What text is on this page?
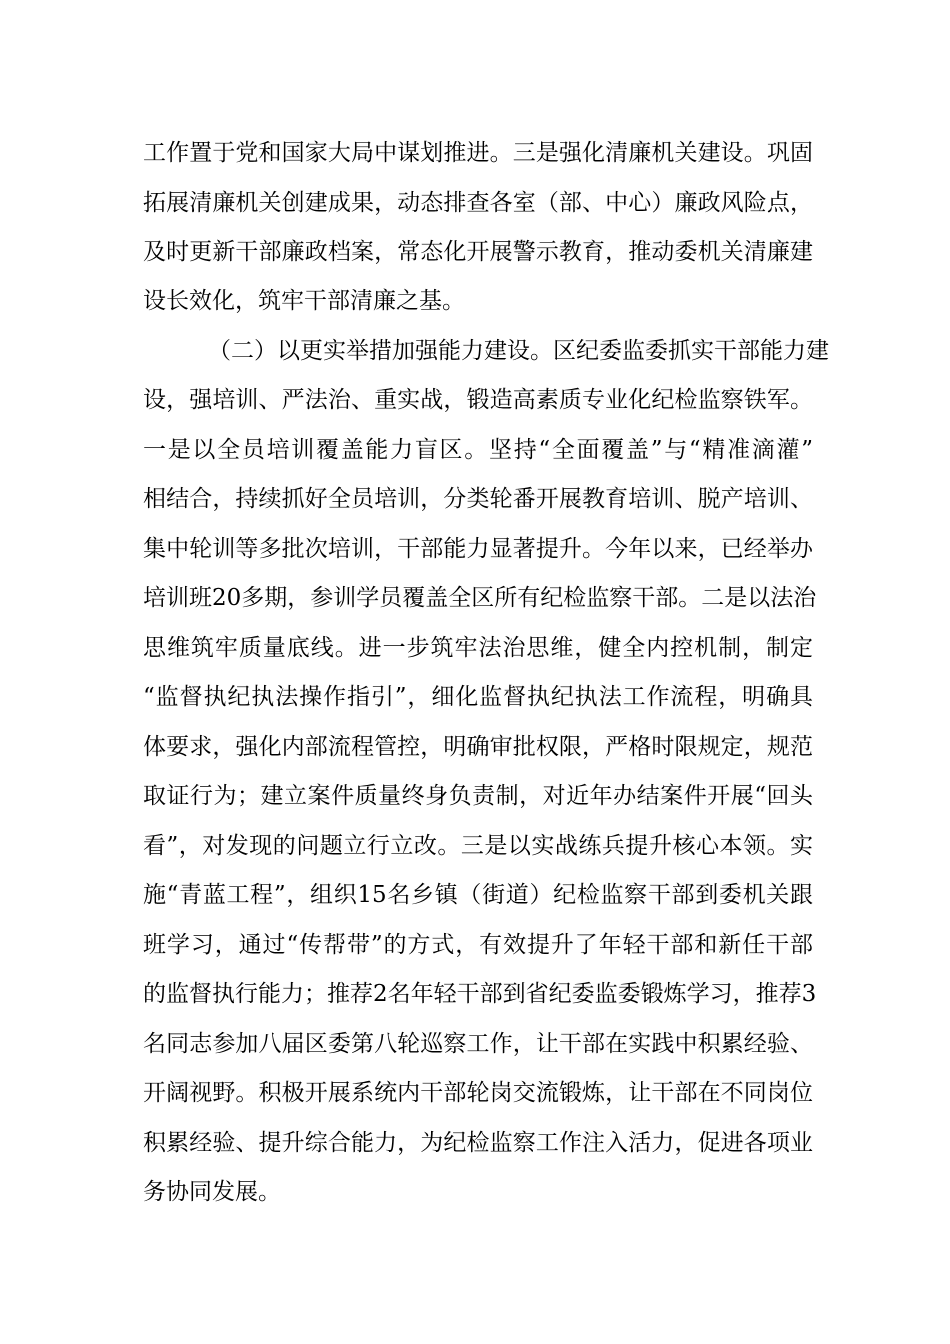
工作置于党和国家大局中谋划推进。三是强化清廉机关建设。巩固
拓展清廉机关创建成果，动态排查各室（部、中心）廉政风险点，
及时更新干部廉政档案，常态化开展警示教育，推动委机关清廉建
设长效化，筑牢干部清廉之基。
（二）以更实举措加强能力建设。区纪委监委抓实干部能力建
设，强培训、严法治、重实战，锻造高素质专业化纪检监察铁军。
一是以全员培训覆盖能力盲区。坚持“全面覆盖”与“精准滴灌”
相结合，持续抓好全员培训，分类轮番开展教育培训、脱产培训、
集中轮训等多批次培训，干部能力显著提升。今年以来，已经举办
培训班20多期，参训学员覆盖全区所有纪检监察干部。二是以法治
思维筑牢质量底线。进一步筑牢法治思维，健全内控机制，制定
“监督执纪执法操作指引”，细化监督执纪执法工作流程，明确具
体要求，强化内部流程管控，明确审批权限，严格时限规定，规范
取证行为；建立案件质量终身负责制，对近年办结案件开展“回头
看”，对发现的问题立行立改。三是以实战练兵提升核心本领。实
施“青蓝工程”，组织15名乡镇（街道）纪检监察干部到委机关跟
班学习，通过“传帮带”的方式，有效提升了年轻干部和新任干部
的监督执行能力；推荐2名年轻干部到省纪委监委锻炼学习，推荐3
名同志参加八届区委第八轮巡察工作，让干部在实践中积累经验、
开阔视野。积极开展系统内干部轮岗交流锻炼，让干部在不同岗位
积累经验、提升综合能力，为纪检监察工作注入活力，促进各项业
务协同发展。
